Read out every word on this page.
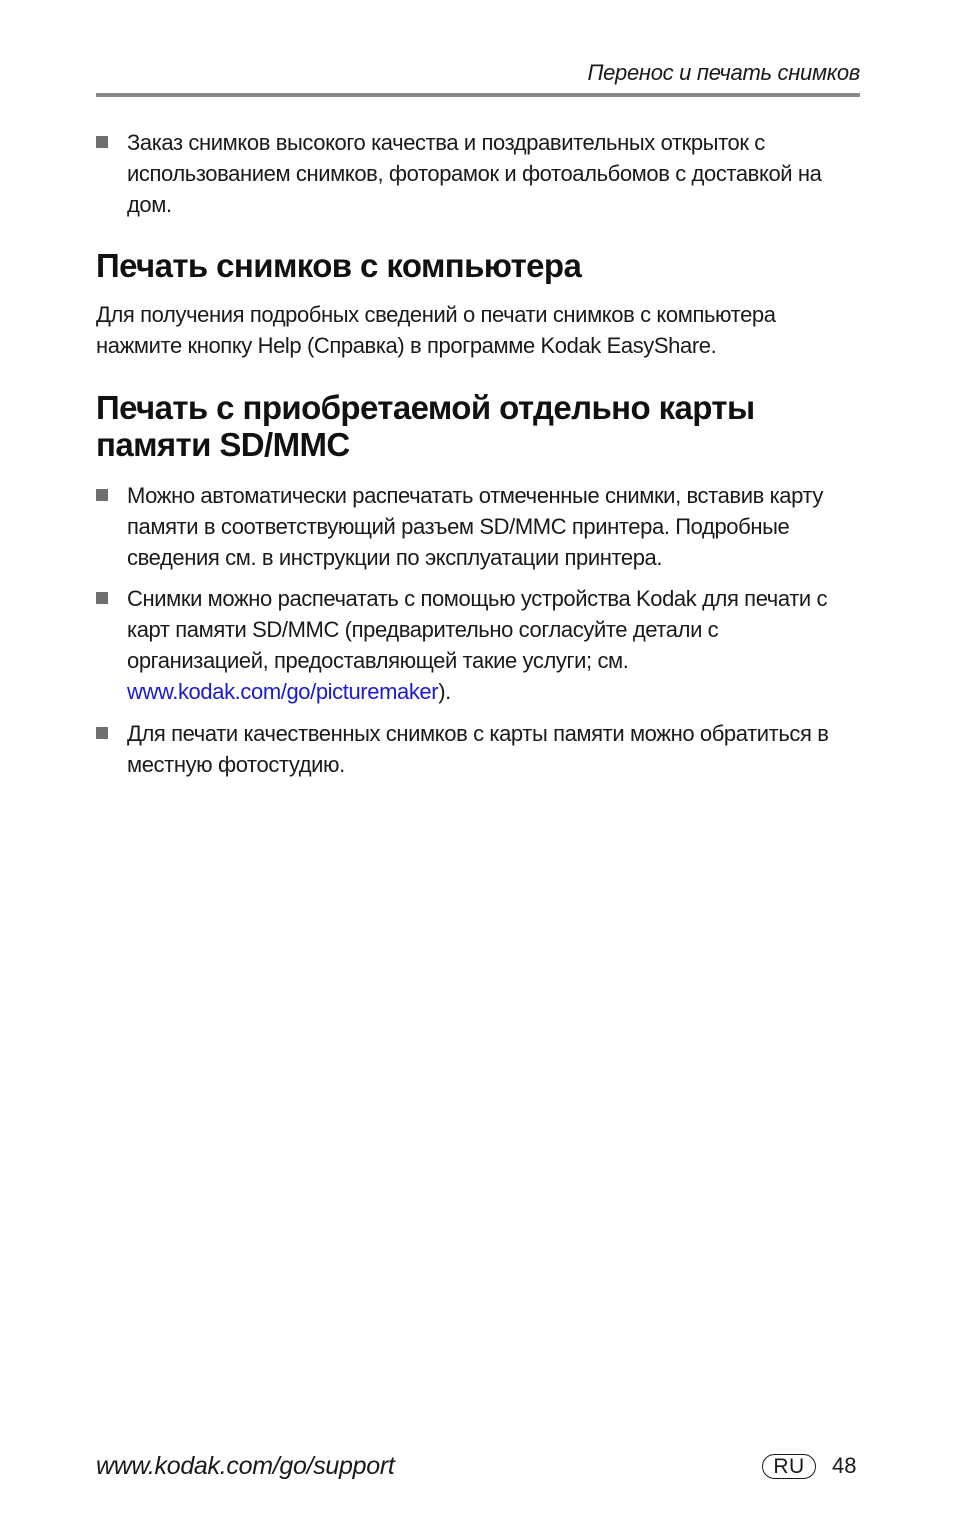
Перенос и печать снимков
Заказ снимков высокого качества и поздравительных открыток с использованием снимков, фоторамок и фотоальбомов с доставкой на дом.
Печать снимков с компьютера

Для получения подробных сведений о печати снимков с компьютера нажмите кнопку Help (Справка) в программе Kodak EasyShare.

Печать с приобретаемой отдельно карты памяти SD/MMC
Можно автоматически распечатать отмеченные снимки, вставив карту памяти в соответствующий разъем SD/MMC принтера. Подробные сведения см. в инструкции по эксплуатации принтера.
Снимки можно распечатать с помощью устройства Kodak для печати с карт памяти SD/MMC (предварительно согласуйте детали с организацией, предоставляющей такие услуги; см. www.kodak.com/go/picturemaker).
Для печати качественных снимков с карты памяти можно обратиться в местную фотостудию.
www.kodak.com/go/support	RU	48
